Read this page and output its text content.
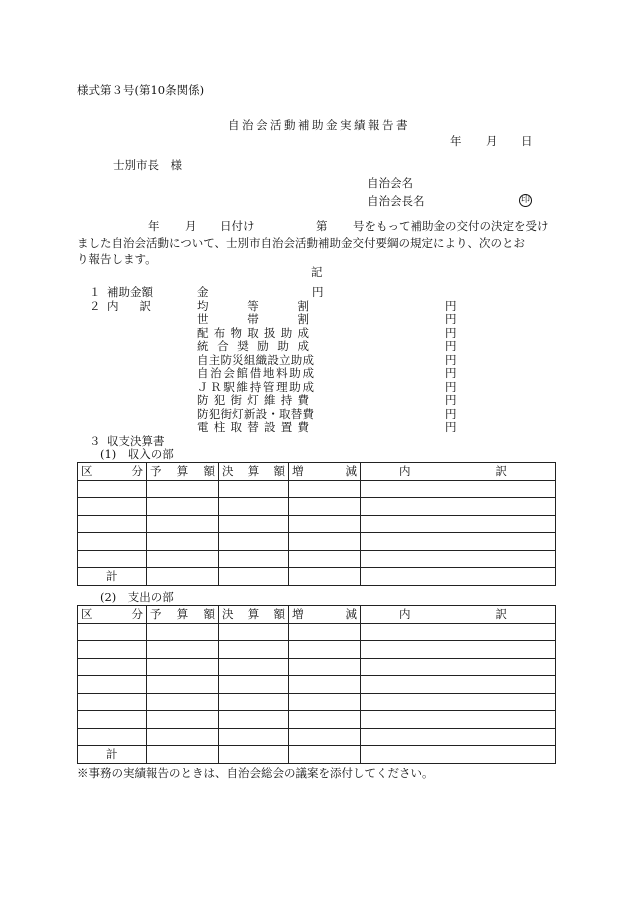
様式第３号(第10条関係)
自治会活動補助金実績報告書
年 月 日
士別市長　様
自治会名
自治会長名	印
年 月 日付け	第 号をもって補助金の交付の決定を受け
ました自治会活動について、士別市自治会活動補助金交付要綱の規定により、次のとお
り報告します。
記
１ 補助金額	金	円
２ 内　訳	均等割	円
世帯割	円
配布物取扱助成	円
統合奨励助成	円
自主防災組織設立助成	円
自治会館借地料助成	円
ＪＲ駅維持管理助成	円
防犯街灯維持費	円
防犯街灯新設・取替費	円
電柱取替設置費	円
３ 収支決算書
(1)　収入の部
区分	予算額	決算額	増減	内訳

計				
(2)　支出の部
区分	予算額	決算額	増減	内訳

計				
※事務の実績報告のときは、自治会総会の議案を添付してください。
